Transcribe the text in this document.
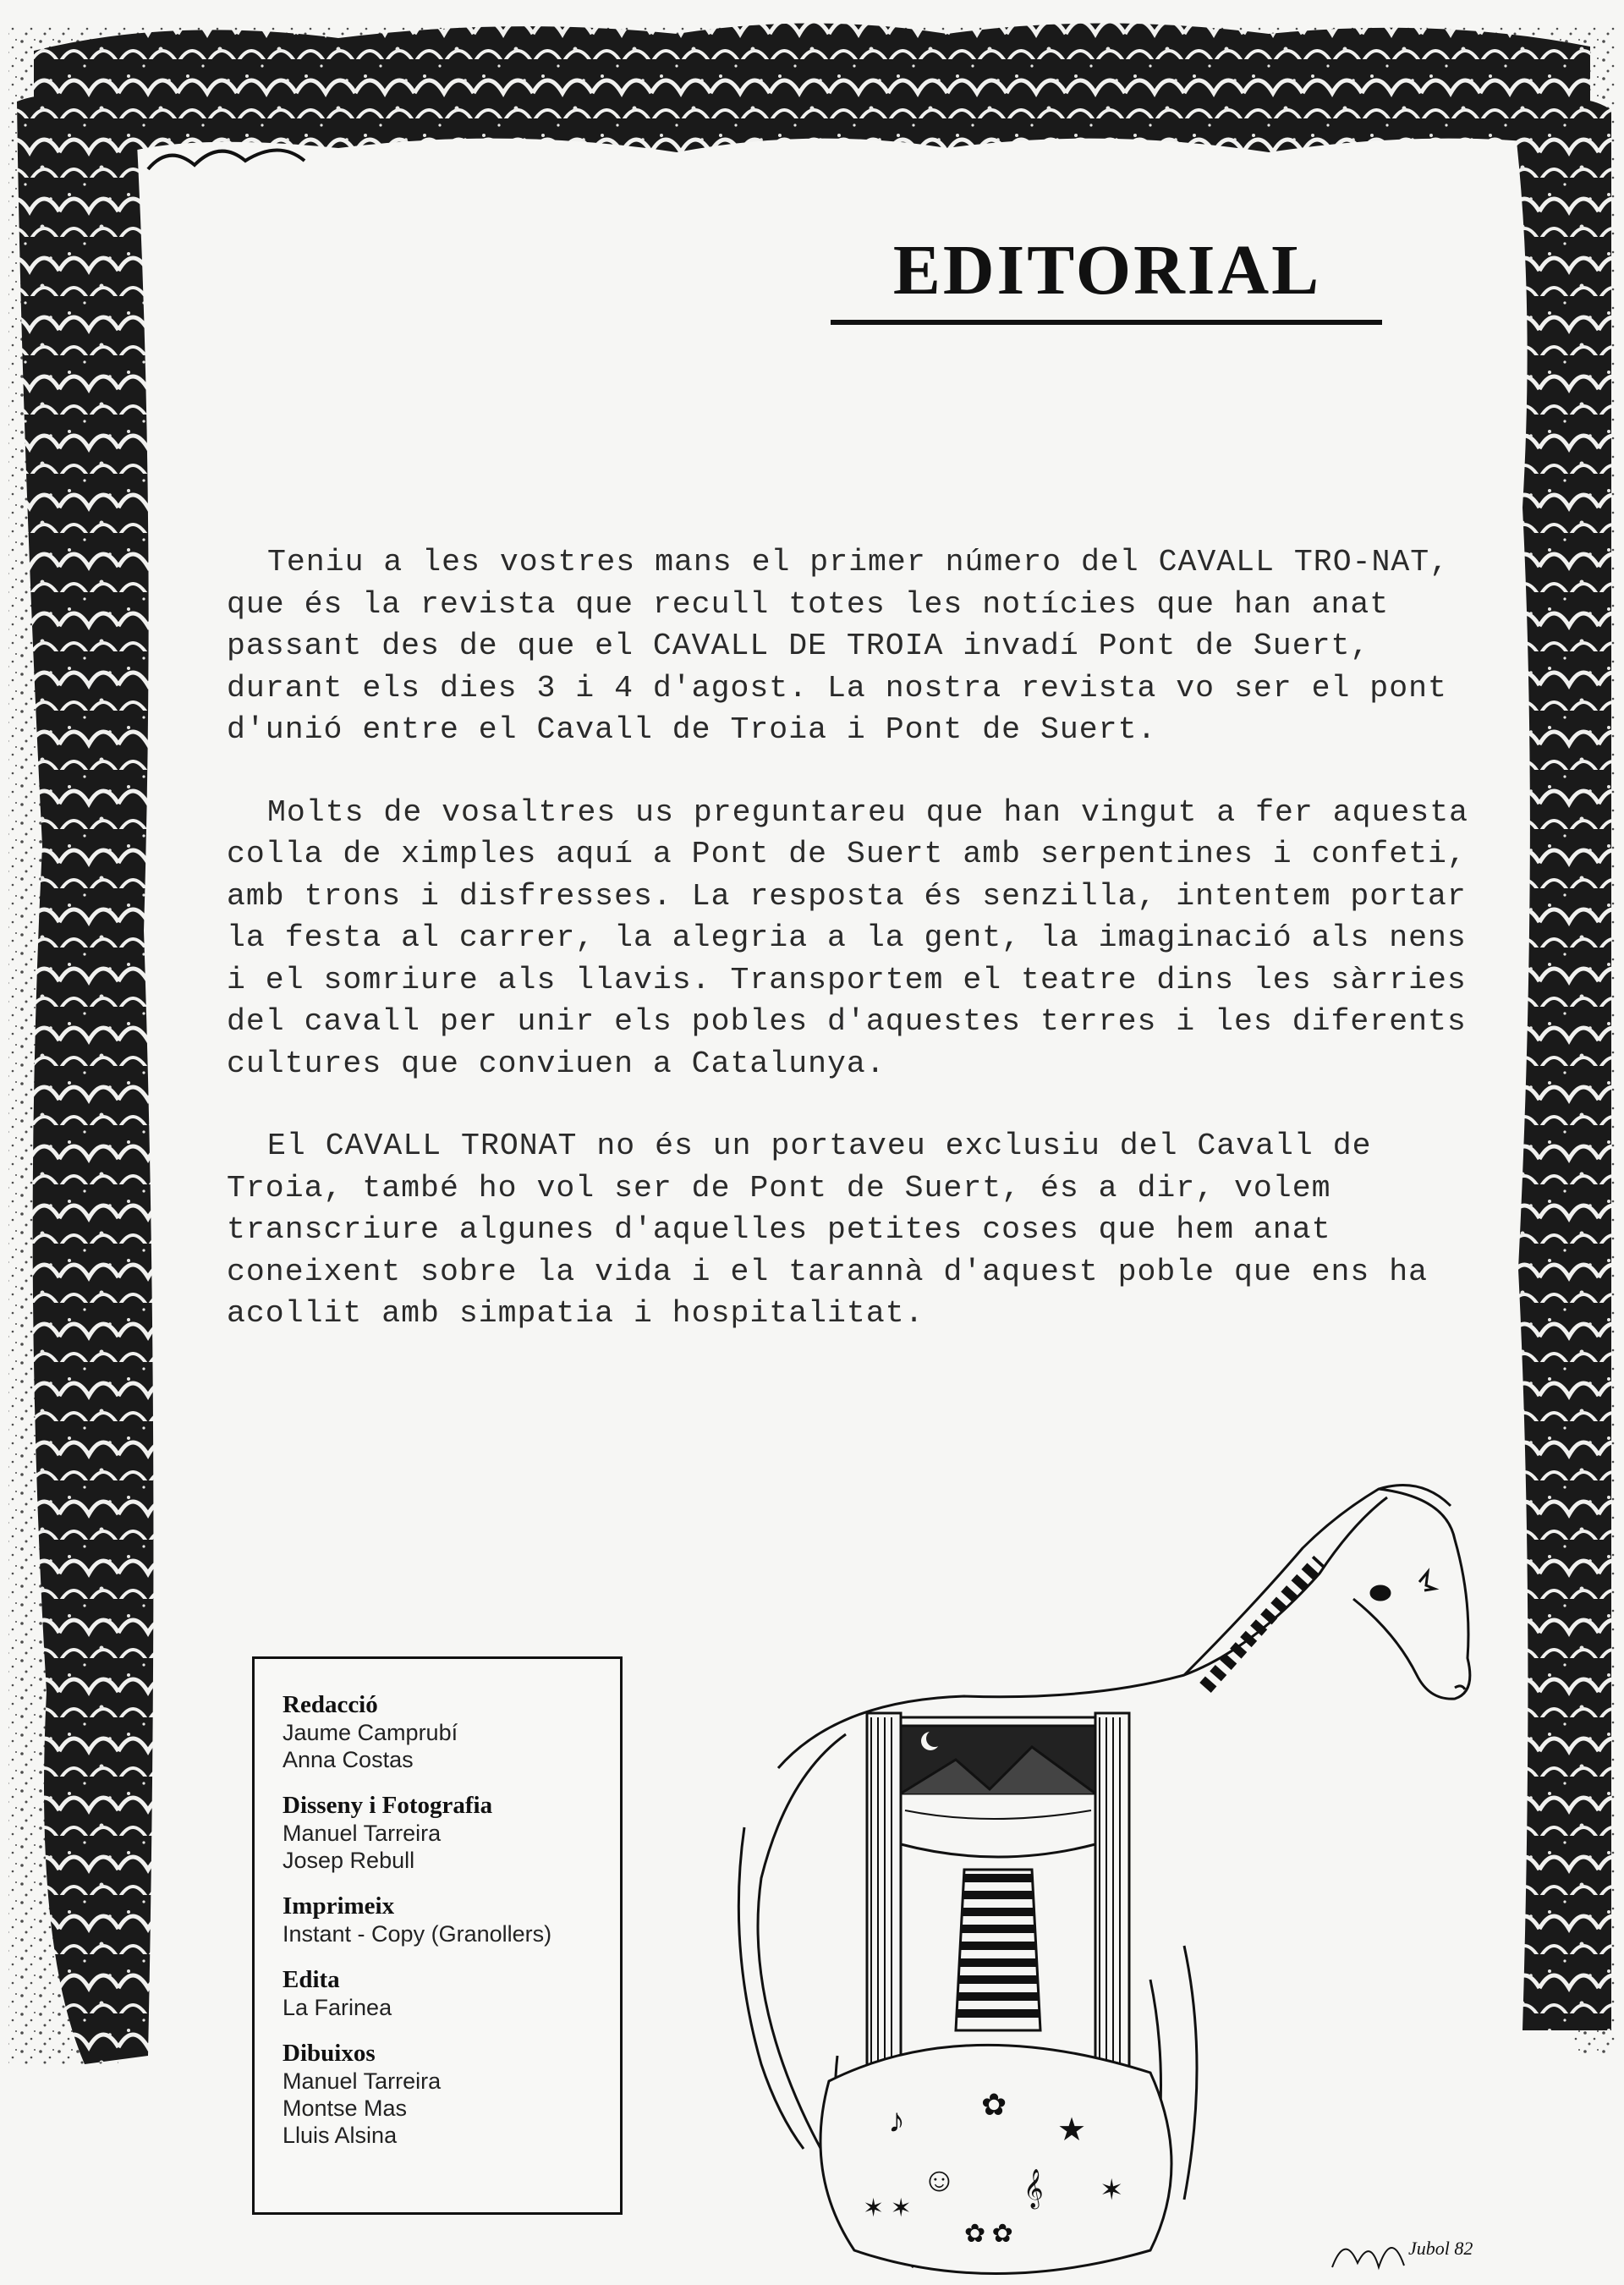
EDITORIAL

Teniu a les vostres mans el primer número del CAVALL TRO-NAT, que és la revista que recull totes les notícies que han anat passant des de que el CAVALL DE TROIA invadí Pont de Suert, durant els dies 3 i 4 d'agost. La nostra revista vo ser el pont d'unió entre el Cavall de Troia i Pont de Suert.

Molts de vosaltres us preguntareu que han vingut a fer aquesta colla de ximples aquí a Pont de Suert amb serpentines i confeti, amb trons i disfresses. La resposta és senzilla, intentem portar la festa al carrer, la alegria a la gent, la imaginació als nens i el somriure als llavis. Transportem el teatre dins les sàrries del cavall per unir els pobles d'aquestes terres i les diferents cultures que conviuen a Catalunya.

El CAVALL TRONAT no és un portaveu exclusiu del Cavall de Troia, també ho vol ser de Pont de Suert, és a dir, volem transcriure algunes d'aquelles petites coses que hem anat coneixent sobre la vida i el tarannà d'aquest poble que ens ha acollit amb simpatia i hospitalitat.

Redacció
Jaume Camprubí
Anna Costas
Disseny i Fotografia
Manuel Tarreira
Josep Rebull
Imprimeix
Instant - Copy (Granollers)
Edita
La Farinea
Dibuixos
Manuel Tarreira
Montse Mas
Lluis Alsina	♪	✿
★
☺ 𝄞 ✶
✶ ✶
✿ ✿
Jubol 82
